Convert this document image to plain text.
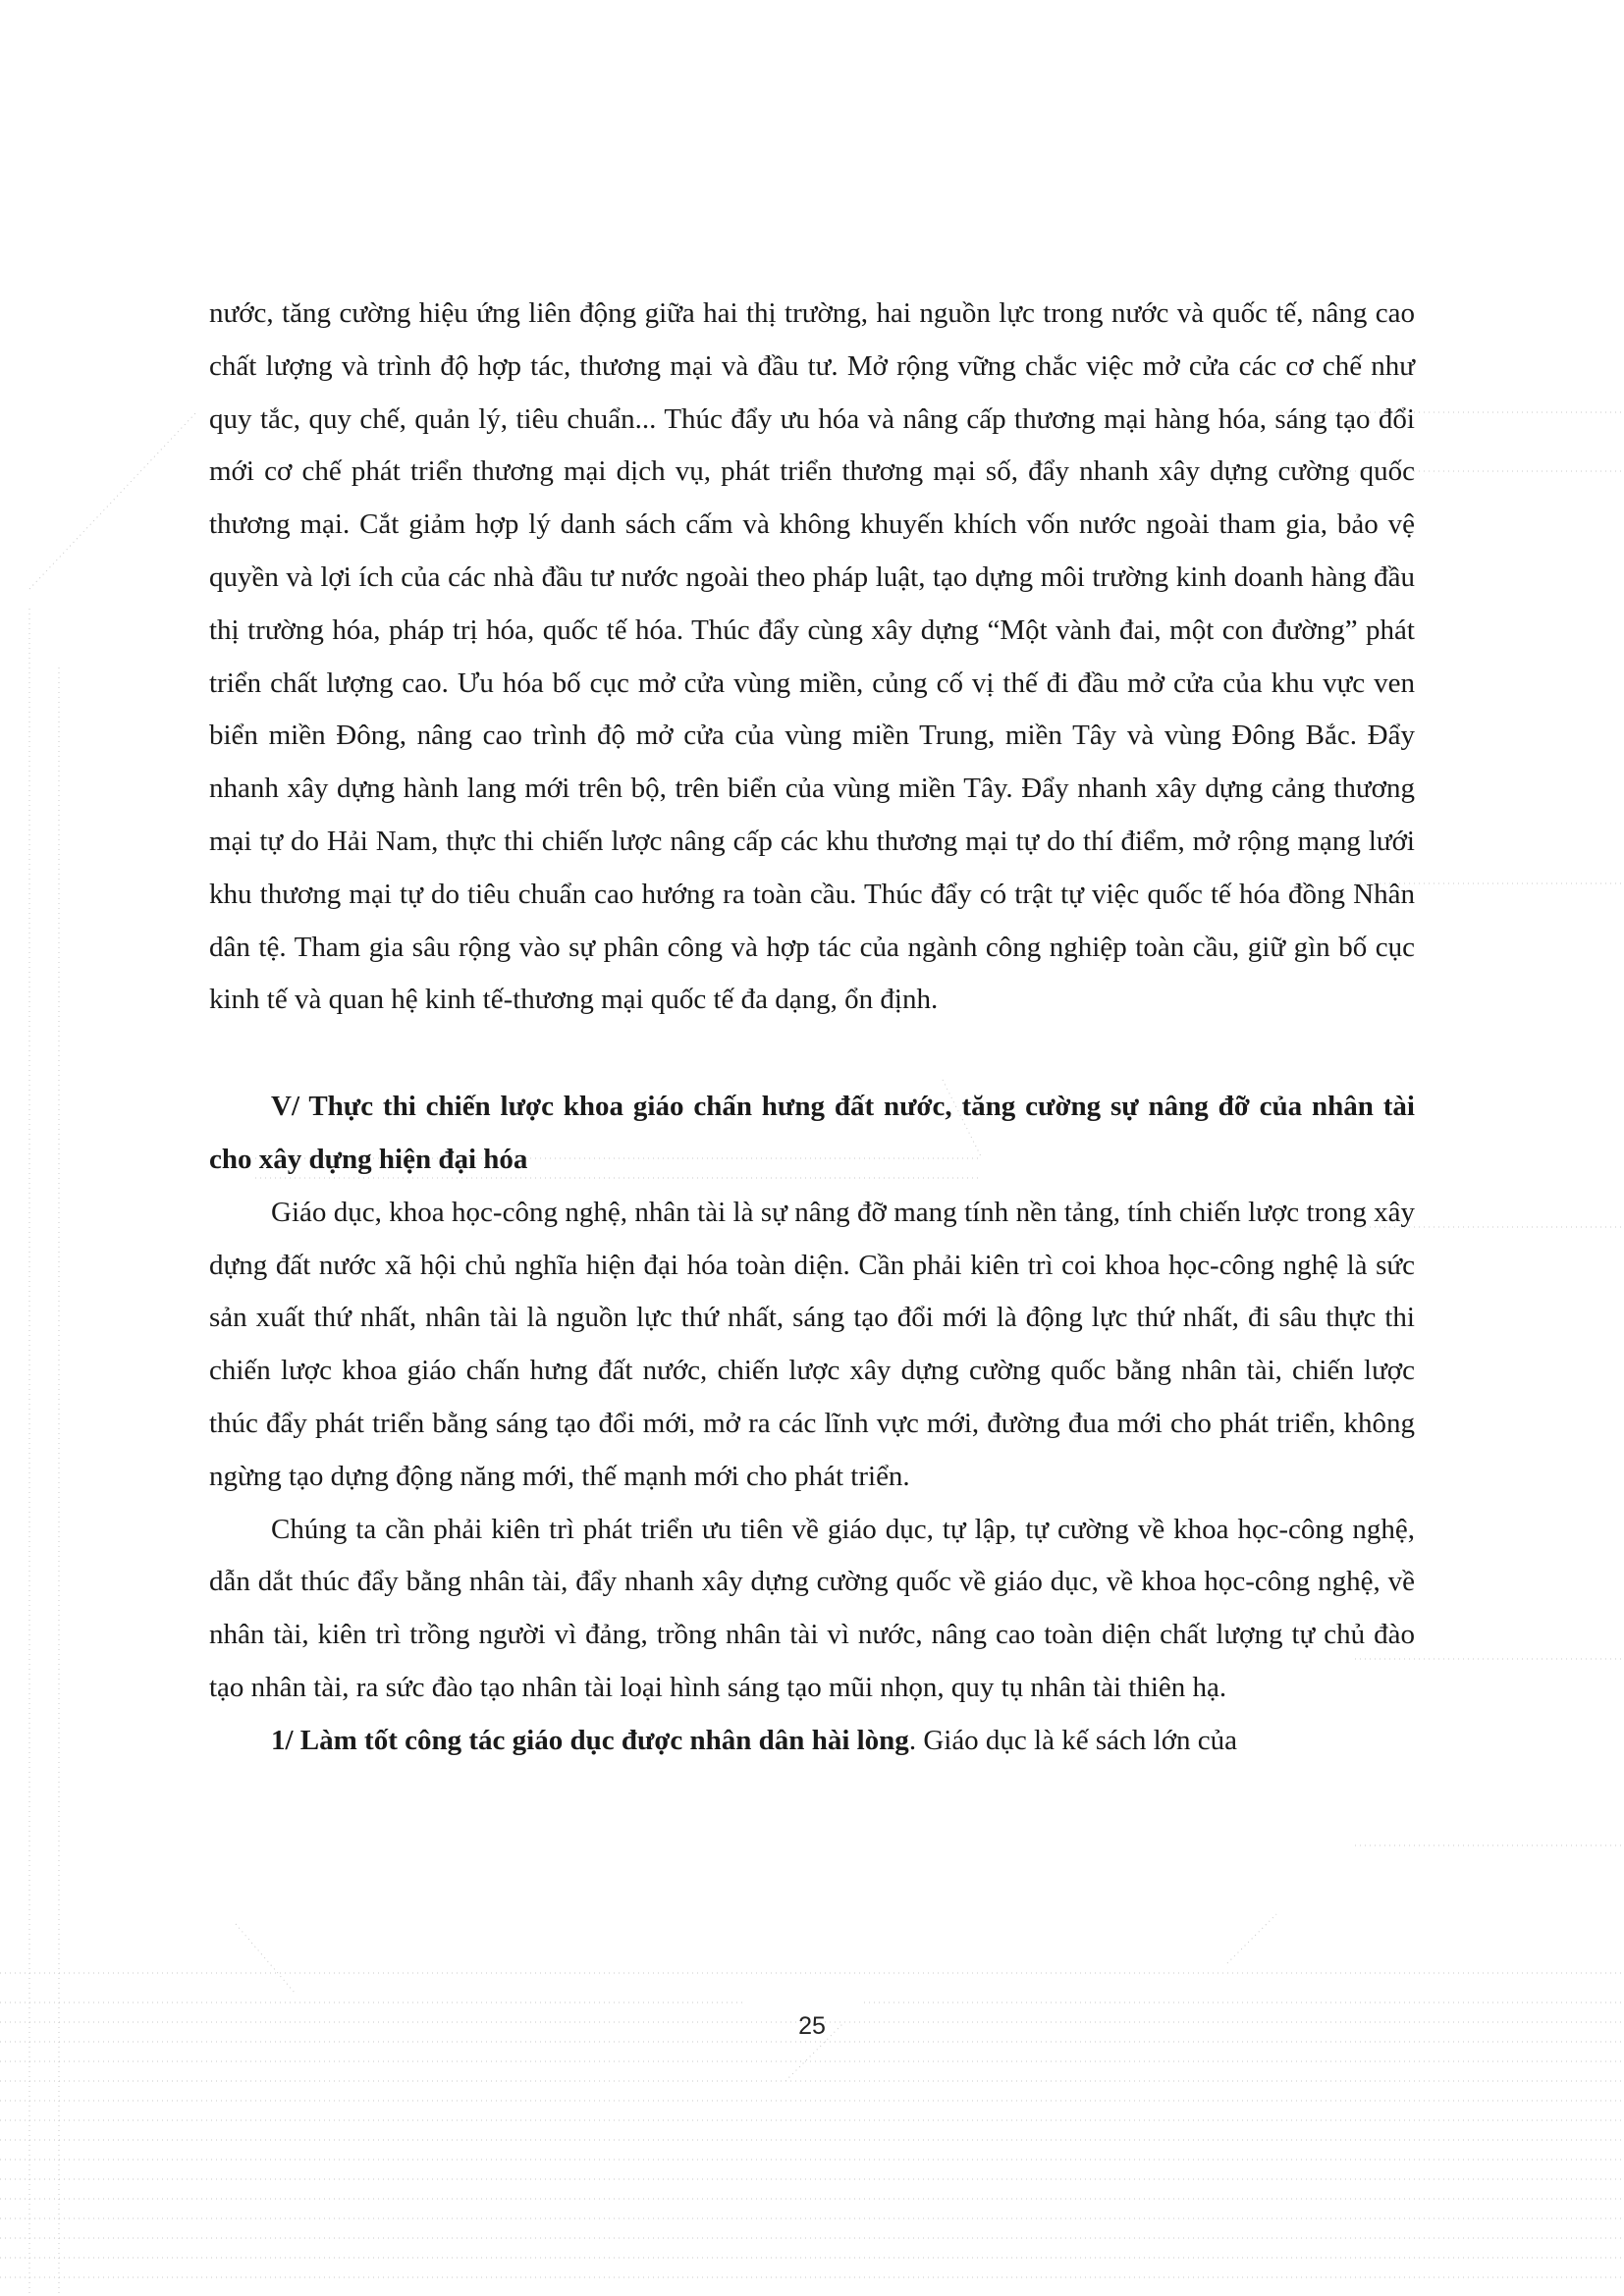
nước, tăng cường hiệu ứng liên động giữa hai thị trường, hai nguồn lực trong nước và quốc tế, nâng cao chất lượng và trình độ hợp tác, thương mại và đầu tư. Mở rộng vững chắc việc mở cửa các cơ chế như quy tắc, quy chế, quản lý, tiêu chuẩn... Thúc đẩy ưu hóa và nâng cấp thương mại hàng hóa, sáng tạo đổi mới cơ chế phát triển thương mại dịch vụ, phát triển thương mại số, đẩy nhanh xây dựng cường quốc thương mại. Cắt giảm hợp lý danh sách cấm và không khuyến khích vốn nước ngoài tham gia, bảo vệ quyền và lợi ích của các nhà đầu tư nước ngoài theo pháp luật, tạo dựng môi trường kinh doanh hàng đầu thị trường hóa, pháp trị hóa, quốc tế hóa. Thúc đẩy cùng xây dựng “Một vành đai, một con đường” phát triển chất lượng cao. Ưu hóa bố cục mở cửa vùng miền, củng cố vị thế đi đầu mở cửa của khu vực ven biển miền Đông, nâng cao trình độ mở cửa của vùng miền Trung, miền Tây và vùng Đông Bắc. Đẩy nhanh xây dựng hành lang mới trên bộ, trên biển của vùng miền Tây. Đẩy nhanh xây dựng cảng thương mại tự do Hải Nam, thực thi chiến lược nâng cấp các khu thương mại tự do thí điểm, mở rộng mạng lưới khu thương mại tự do tiêu chuẩn cao hướng ra toàn cầu. Thúc đẩy có trật tự việc quốc tế hóa đồng Nhân dân tệ. Tham gia sâu rộng vào sự phân công và hợp tác của ngành công nghiệp toàn cầu, giữ gìn bố cục kinh tế và quan hệ kinh tế-thương mại quốc tế đa dạng, ổn định.

V/ Thực thi chiến lược khoa giáo chấn hưng đất nước, tăng cường sự nâng đỡ của nhân tài cho xây dựng hiện đại hóa

Giáo dục, khoa học-công nghệ, nhân tài là sự nâng đỡ mang tính nền tảng, tính chiến lược trong xây dựng đất nước xã hội chủ nghĩa hiện đại hóa toàn diện. Cần phải kiên trì coi khoa học-công nghệ là sức sản xuất thứ nhất, nhân tài là nguồn lực thứ nhất, sáng tạo đổi mới là động lực thứ nhất, đi sâu thực thi chiến lược khoa giáo chấn hưng đất nước, chiến lược xây dựng cường quốc bằng nhân tài, chiến lược thúc đẩy phát triển bằng sáng tạo đổi mới, mở ra các lĩnh vực mới, đường đua mới cho phát triển, không ngừng tạo dựng động năng mới, thế mạnh mới cho phát triển.

Chúng ta cần phải kiên trì phát triển ưu tiên về giáo dục, tự lập, tự cường về khoa học-công nghệ, dẫn dắt thúc đẩy bằng nhân tài, đẩy nhanh xây dựng cường quốc về giáo dục, về khoa học-công nghệ, về nhân tài, kiên trì trồng người vì đảng, trồng nhân tài vì nước, nâng cao toàn diện chất lượng tự chủ đào tạo nhân tài, ra sức đào tạo nhân tài loại hình sáng tạo mũi nhọn, quy tụ nhân tài thiên hạ.

1/ Làm tốt công tác giáo dục được nhân dân hài lòng. Giáo dục là kế sách lớn của

25
